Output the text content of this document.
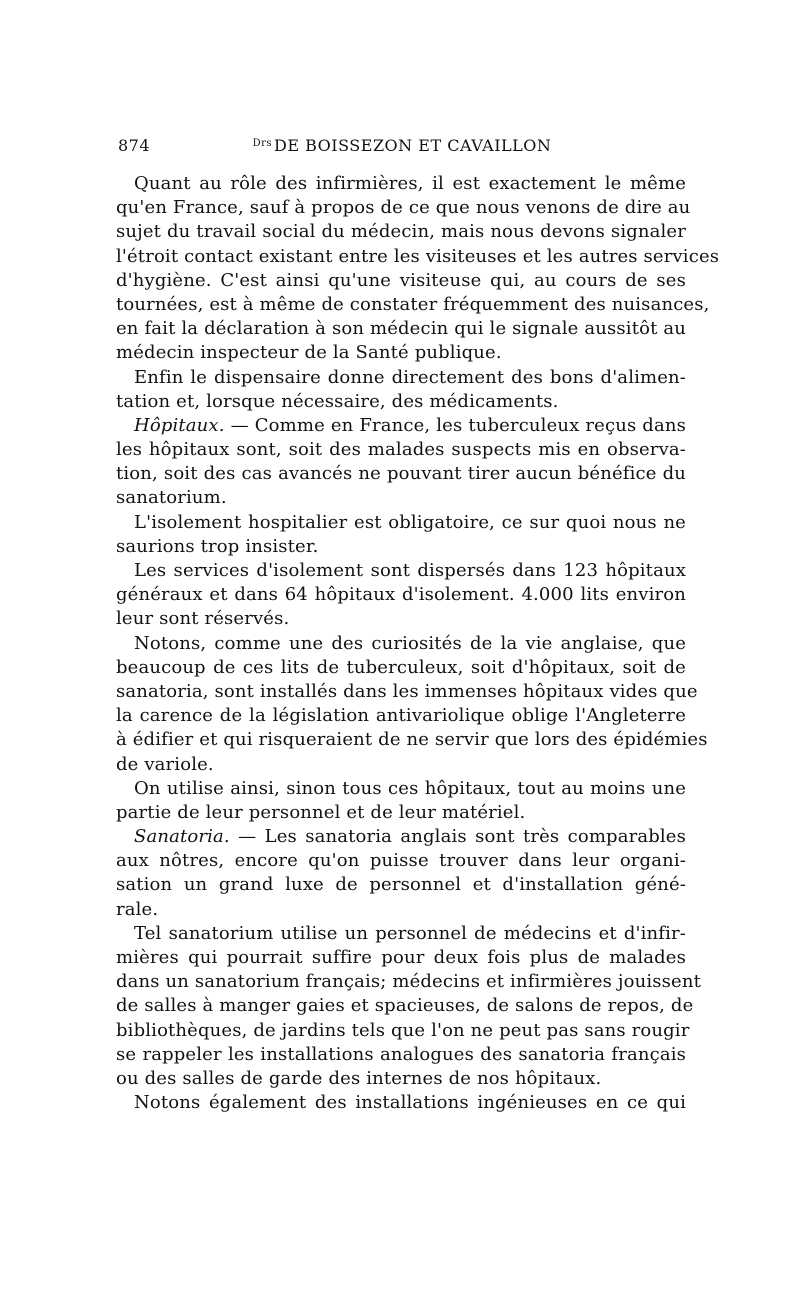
874	$^{Drs}$ DE BOISSEZON ET CAVAILLON
Quant au rôle des infirmières, il est exactement le même
qu'en France, sauf à propos de ce que nous venons de dire au
sujet du travail social du médecin, mais nous devons signaler
l'étroit contact existant entre les visiteuses et les autres services
d'hygiène. C'est ainsi qu'une visiteuse qui, au cours de ses
tournées, est à même de constater fréquemment des nuisances,
en fait la déclaration à son médecin qui le signale aussitôt au
médecin inspecteur de la Santé publique.
Enfin le dispensaire donne directement des bons d'alimen-
tation et, lorsque nécessaire, des médicaments.
Hôpitaux. — Comme en France, les tuberculeux reçus dans
les hôpitaux sont, soit des malades suspects mis en observa-
tion, soit des cas avancés ne pouvant tirer aucun bénéfice du
sanatorium.
L'isolement hospitalier est obligatoire, ce sur quoi nous ne
saurions trop insister.
Les services d'isolement sont dispersés dans 123 hôpitaux
généraux et dans 64 hôpitaux d'isolement. 4.000 lits environ
leur sont réservés.
Notons, comme une des curiosités de la vie anglaise, que
beaucoup de ces lits de tuberculeux, soit d'hôpitaux, soit de
sanatoria, sont installés dans les immenses hôpitaux vides que
la carence de la législation antivariolique oblige l'Angleterre
à édifier et qui risqueraient de ne servir que lors des épidémies
de variole.
On utilise ainsi, sinon tous ces hôpitaux, tout au moins une
partie de leur personnel et de leur matériel.
Sanatoria. — Les sanatoria anglais sont très comparables
aux nôtres, encore qu'on puisse trouver dans leur organi-
sation un grand luxe de personnel et d'installation géné-
rale.
Tel sanatorium utilise un personnel de médecins et d'infir-
mières qui pourrait suffire pour deux fois plus de malades
dans un sanatorium français; médecins et infirmières jouissent
de salles à manger gaies et spacieuses, de salons de repos, de
bibliothèques, de jardins tels que l'on ne peut pas sans rougir
se rappeler les installations analogues des sanatoria français
ou des salles de garde des internes de nos hôpitaux.
Notons également des installations ingénieuses en ce qui
